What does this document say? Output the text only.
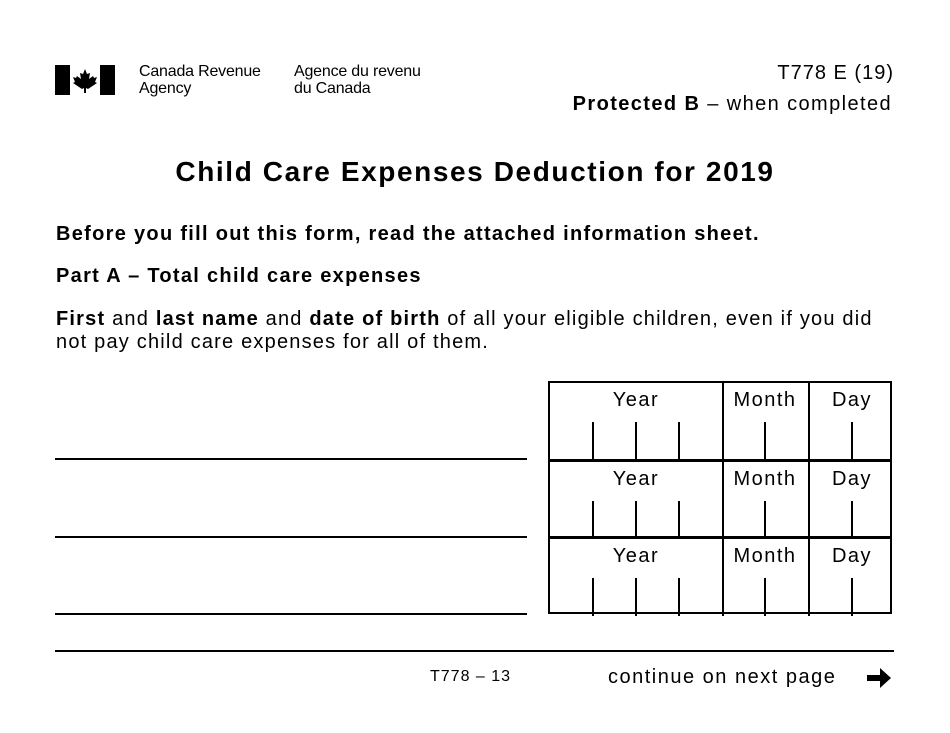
Canada Revenue
Agency
Agence du revenu
du Canada
T778 E (19)
Protected B – when completed
Child Care Expenses Deduction for 2019
Before you fill out this form, read the attached information sheet.
Part A – Total child care expenses
First and last name and date of birth of all your eligible children, even if you did not pay child care expenses for all of them.
Year	Month	Day
Year	Month	Day
Year	Month	Day
T778 – 13	continue on next page
